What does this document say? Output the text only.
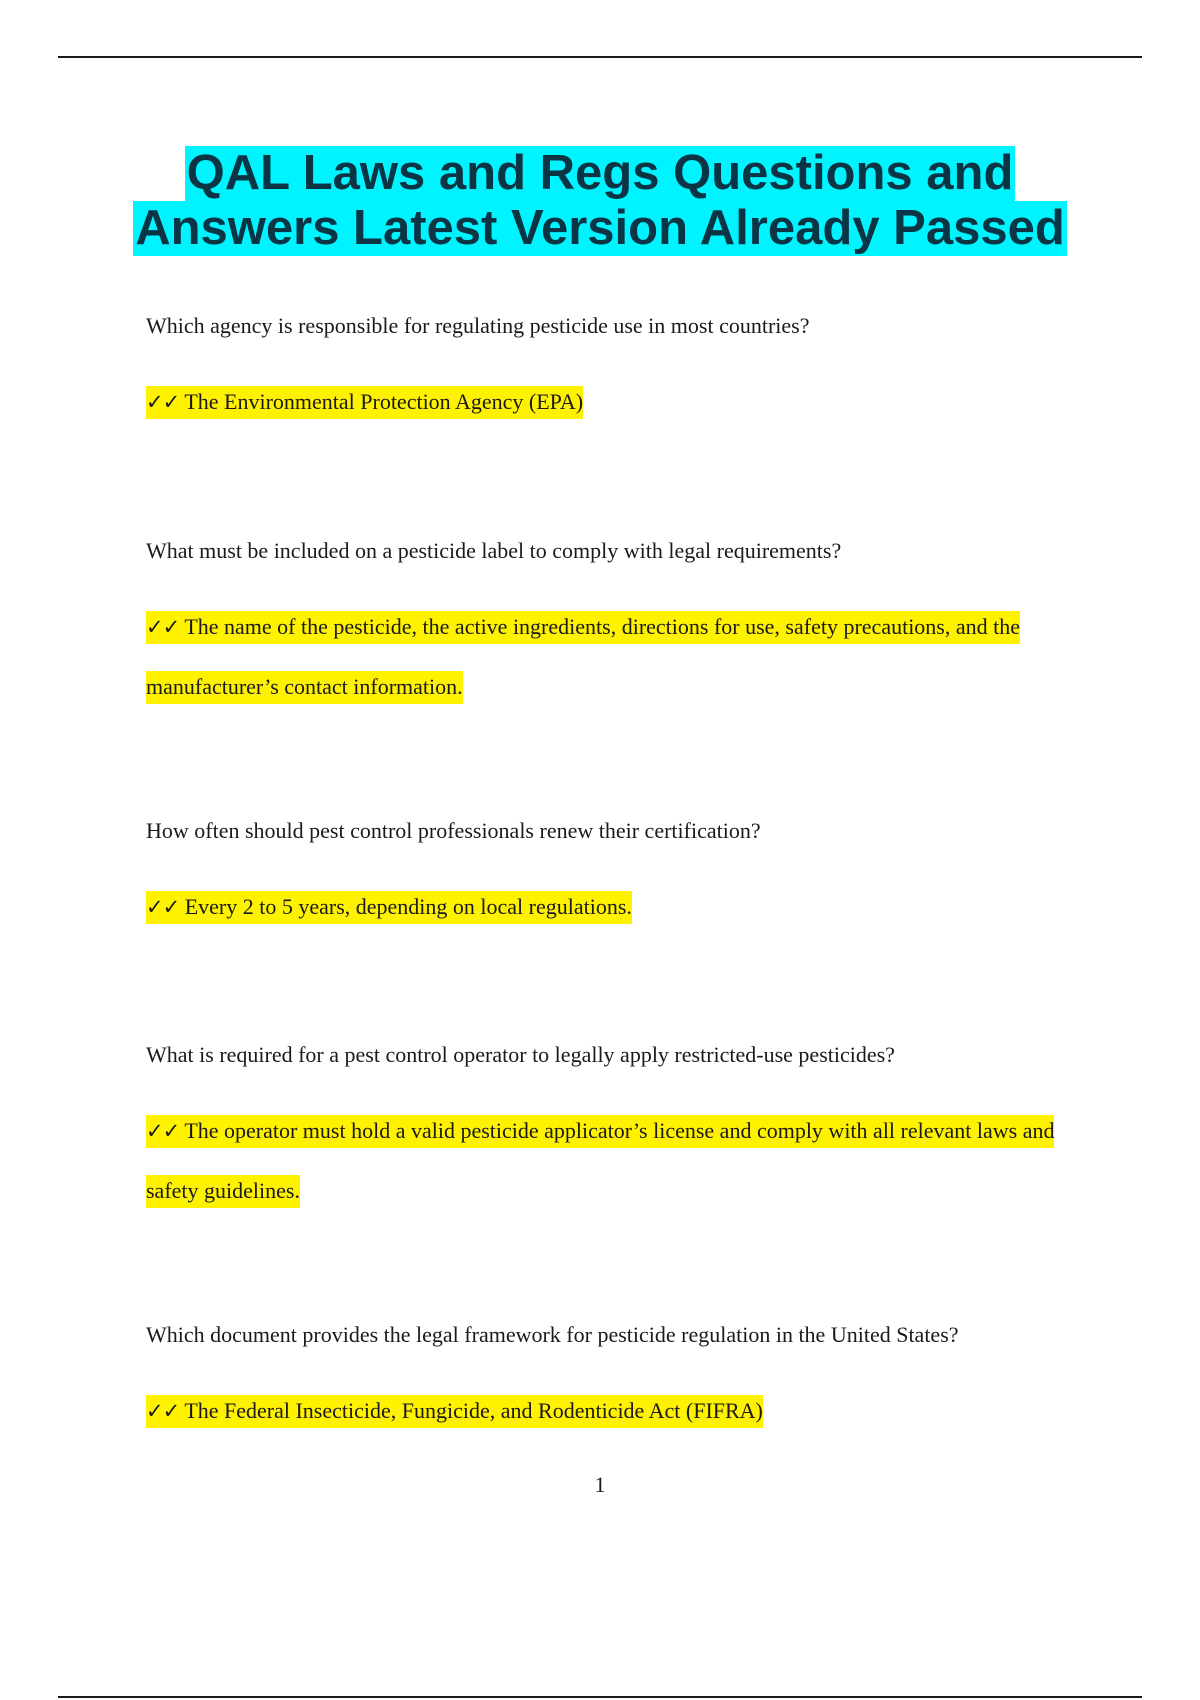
QAL Laws and Regs Questions and
Answers Latest Version Already Passed
Which agency is responsible for regulating pesticide use in most countries?
✓✓ The Environmental Protection Agency (EPA)
What must be included on a pesticide label to comply with legal requirements?
✓✓ The name of the pesticide, the active ingredients, directions for use, safety precautions, and the manufacturer’s contact information.
How often should pest control professionals renew their certification?
✓✓ Every 2 to 5 years, depending on local regulations.
What is required for a pest control operator to legally apply restricted-use pesticides?
✓✓ The operator must hold a valid pesticide applicator’s license and comply with all relevant laws and safety guidelines.
Which document provides the legal framework for pesticide regulation in the United States?
✓✓ The Federal Insecticide, Fungicide, and Rodenticide Act (FIFRA)
1
